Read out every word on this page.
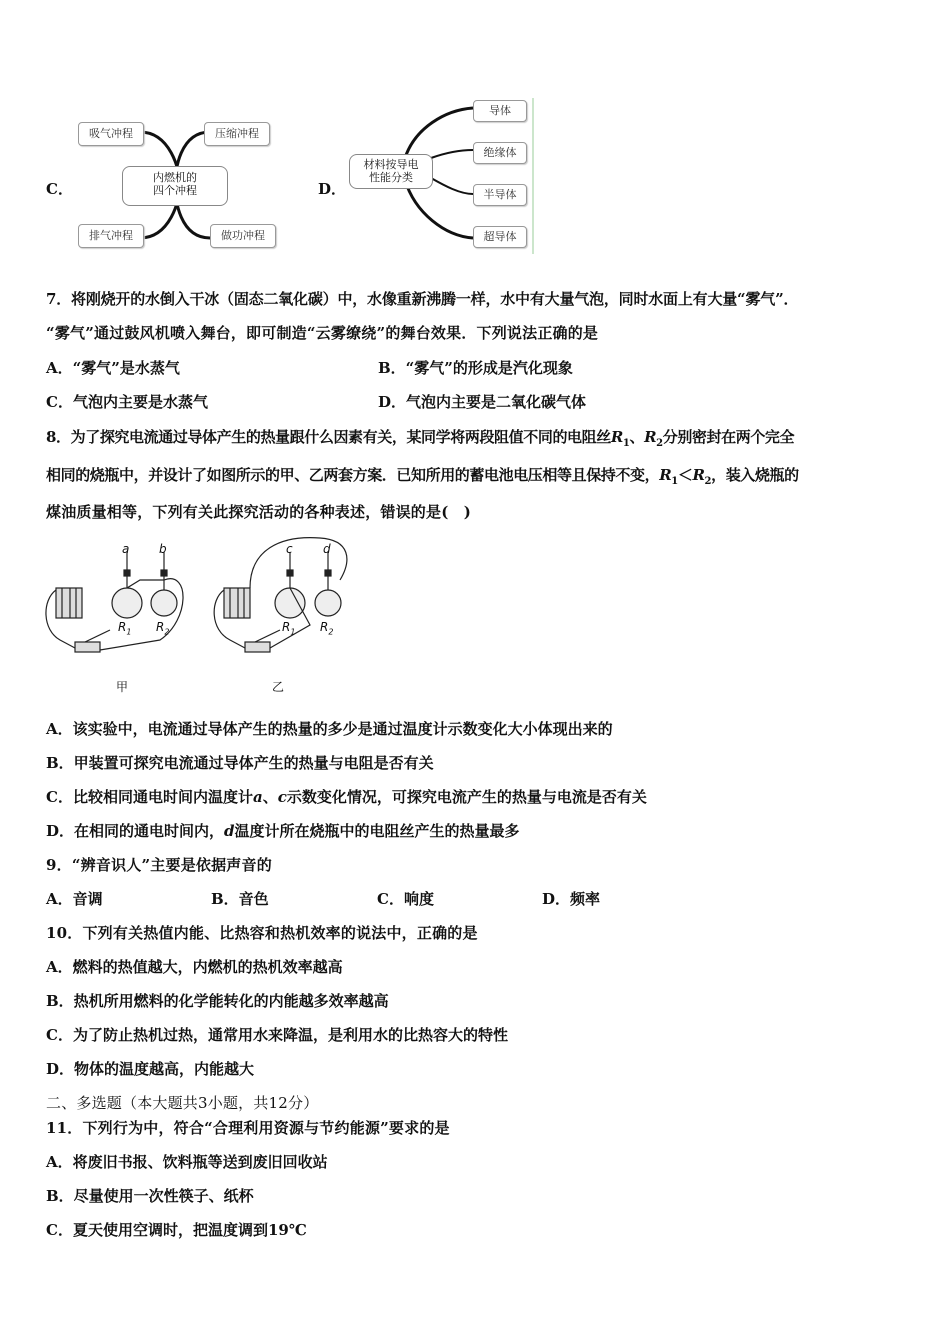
C．
吸气冲程	压缩冲程
排气冲程	做功冲程
内燃机的
四个冲程	D．
材料按导电
性能分类
导体
绝缘体
半导体
超导体
7．将刚烧开的水倒入干冰（固态二氧化碳）中，水像重新沸腾一样，水中有大量气泡，同时水面上有大量“雾气”．
“雾气”通过鼓风机喷入舞台，即可制造“云雾缭绕”的舞台效果．下列说法正确的是
A．“雾气”是水蒸气	B．“雾气”的形成是汽化现象
C．气泡内主要是水蒸气	D．气泡内主要是二氧化碳气体
8．为了探究电流通过导体产生的热量跟什么因素有关，某同学将两段阻值不同的电阻丝$R_1$、$R_2$分别密封在两个完全
相同的烧瓶中，并设计了如图所示的甲、乙两套方案．已知所用的蓄电池电压相等且保持不变，$R_1<R_2$，装入烧瓶的
煤油质量相等，下列有关此探究活动的各种表述，错误的是(　)
a b	c	d
$R_1$ $R_2$	$R_1$ $R_2$
甲	乙
A．该实验中，电流通过导体产生的热量的多少是通过温度计示数变化大小体现出来的
B．甲装置可探究电流通过导体产生的热量与电阻是否有关
C．比较相同通电时间内温度计a、c示数变化情况，可探究电流产生的热量与电流是否有关
D．在相同的通电时间内，d温度计所在烧瓶中的电阻丝产生的热量最多
9．“辨音识人”主要是依据声音的
A．音调	B．音色	C．响度	D．频率
10．下列有关热值内能、比热容和热机效率的说法中，正确的是
A．燃料的热值越大，内燃机的热机效率越高
B．热机所用燃料的化学能转化的内能越多效率越高
C．为了防止热机过热，通常用水来降温，是利用水的比热容大的特性
D．物体的温度越高，内能越大
二、多选题（本大题共3小题，共12分）
11．下列行为中，符合“合理利用资源与节约能源”要求的是
A．将废旧书报、饮料瓶等送到废旧回收站
B．尽量使用一次性筷子、纸杯
C．夏天使用空调时，把温度调到19℃
